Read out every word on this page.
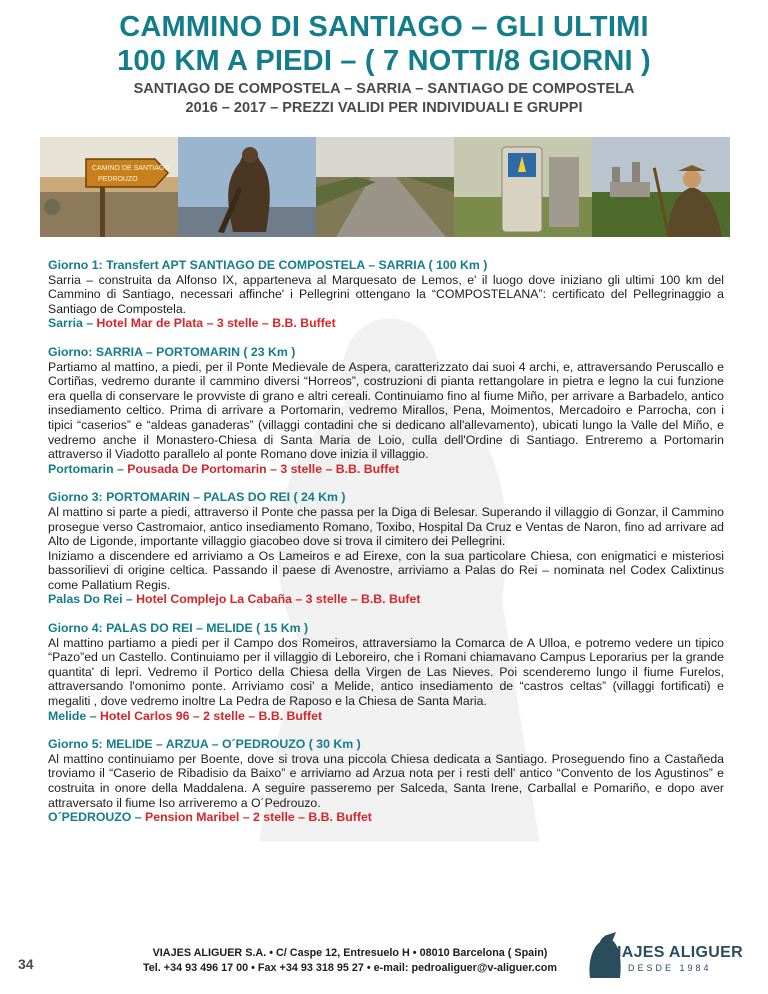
CAMMINO DI SANTIAGO – GLI ULTIMI
100 KM A PIEDI – ( 7 NOTTI/8 GIORNI )
SANTIAGO DE COMPOSTELA – SARRIA – SANTIAGO DE COMPOSTELA
2016 – 2017 – PREZZI VALIDI PER INDIVIDUALI E GRUPPI
CAMINO DE SANTIAGO
PEDROUZO

Giorno 1: Transfert APT SANTIAGO DE COMPOSTELA – SARRIA ( 100 Km )

Sarria – construita da Alfonso IX, apparteneva al Marquesato de Lemos, e' il luogo dove iniziano gli ultimi 100 km del Cammino di Santiago, necessari affinche' i Pellegrini ottengano la “COMPOSTELANA”: certificato del Pellegrinaggio a Santiago de Compostela.

Sarria – Hotel Mar de Plata – 3 stelle – B.B. Buffet

Giorno: SARRIA – PORTOMARIN ( 23 Km )

Partiamo al mattino, a piedi, per il Ponte Medievale de Aspera, caratterizzato dai suoi 4 archi, e, attraversando Peruscallo e Cortiñas, vedremo durante il cammino diversi “Horreos”, costruzioni di pianta rettangolare in pietra e legno la cui funzione era quella di conservare le provviste di grano e altri cereali. Continuiamo fino al fiume Miño, per arrivare a Barbadelo, antico insediamento celtico. Prima di arrivare a Portomarin, vedremo Mirallos, Pena, Moimentos, Mercadoiro e Parrocha, con i tipici “caserios” e “aldeas ganaderas” (villaggi contadini che si dedicano all'allevamento), ubicati lungo la Valle del Miño, e vedremo anche il Monastero-Chiesa di Santa Maria de Loio, culla dell'Ordine di Santiago. Entreremo a Portomarin attraverso il Viadotto parallelo al ponte Romano dove inizia il villaggio.

Portomarin – Pousada De Portomarin – 3 stelle – B.B. Buffet

Giorno 3: PORTOMARIN – PALAS DO REI ( 24 Km )

Al mattino si parte a piedi, attraverso il Ponte che passa per la Diga di Belesar. Superando il villaggio di Gonzar, il Cammino prosegue verso Castromaior, antico insediamento Romano, Toxibo, Hospital Da Cruz e Ventas de Naron, fino ad arrivare ad Alto de Ligonde, importante villaggio giacobeo dove si trova il cimitero dei Pellegrini.

Iniziamo a discendere ed arriviamo a Os Lameiros e ad Eirexe, con la sua particolare Chiesa, con enigmatici e misteriosi bassorilievi di origine celtica. Passando il paese di Avenostre, arriviamo a Palas do Rei – nominata nel Codex Calixtinus come Pallatium Regis.

Palas Do Rei – Hotel Complejo La Cabaña – 3 stelle – B.B. Bufet

Giorno 4: PALAS DO REI – MELIDE ( 15 Km )

Al mattino partiamo a piedi per il Campo dos Romeiros, attraversiamo la Comarca de A Ulloa, e potremo vedere un tipico “Pazo”ed un Castello. Continuiamo per il villaggio di Leboreiro, che i Romani chiamavano Campus Leporarius per la grande quantita' di lepri. Vedremo il Portico della Chiesa della Virgen de Las Nieves. Poi scenderemo lungo il fiume Furelos, attraversando l'omonimo ponte. Arriviamo cosi' a Melide, antico insediamento de “castros celtas” (villaggi fortificati) e megaliti , dove vedremo inoltre La Pedra de Raposo e la Chiesa de Santa Maria.

Melide – Hotel Carlos 96 – 2 stelle – B.B. Buffet

Giorno 5: MELIDE – ARZUA – O´PEDROUZO ( 30 Km )

Al mattino continuiamo per Boente, dove si trova una piccola Chiesa dedicata a Santiago. Proseguendo fino a Castañeda troviamo il “Caserio de Ribadisio da Baixo” e arriviamo ad Arzua nota per i resti dell' antico “Convento de los Agustinos” e costruita in onore della Maddalena. A seguire passeremo per Salceda, Santa Irene, Carballal e Pomariño, e dopo aver attraversato il fiume Iso arriveremo a O´Pedrouzo.

O´PEDROUZO – Pension Maribel – 2 stelle – B.B. Buffet

34
VIAJES ALIGUER S.A. • C/ Caspe 12, Entresuelo H • 08010 Barcelona ( Spain)
Tel. +34 93 496 17 00 • Fax +34 93 318 95 27 • e-mail: pedroaliguer@v-aliguer.com
VIAJES ALIGUER
DESDE 1984
